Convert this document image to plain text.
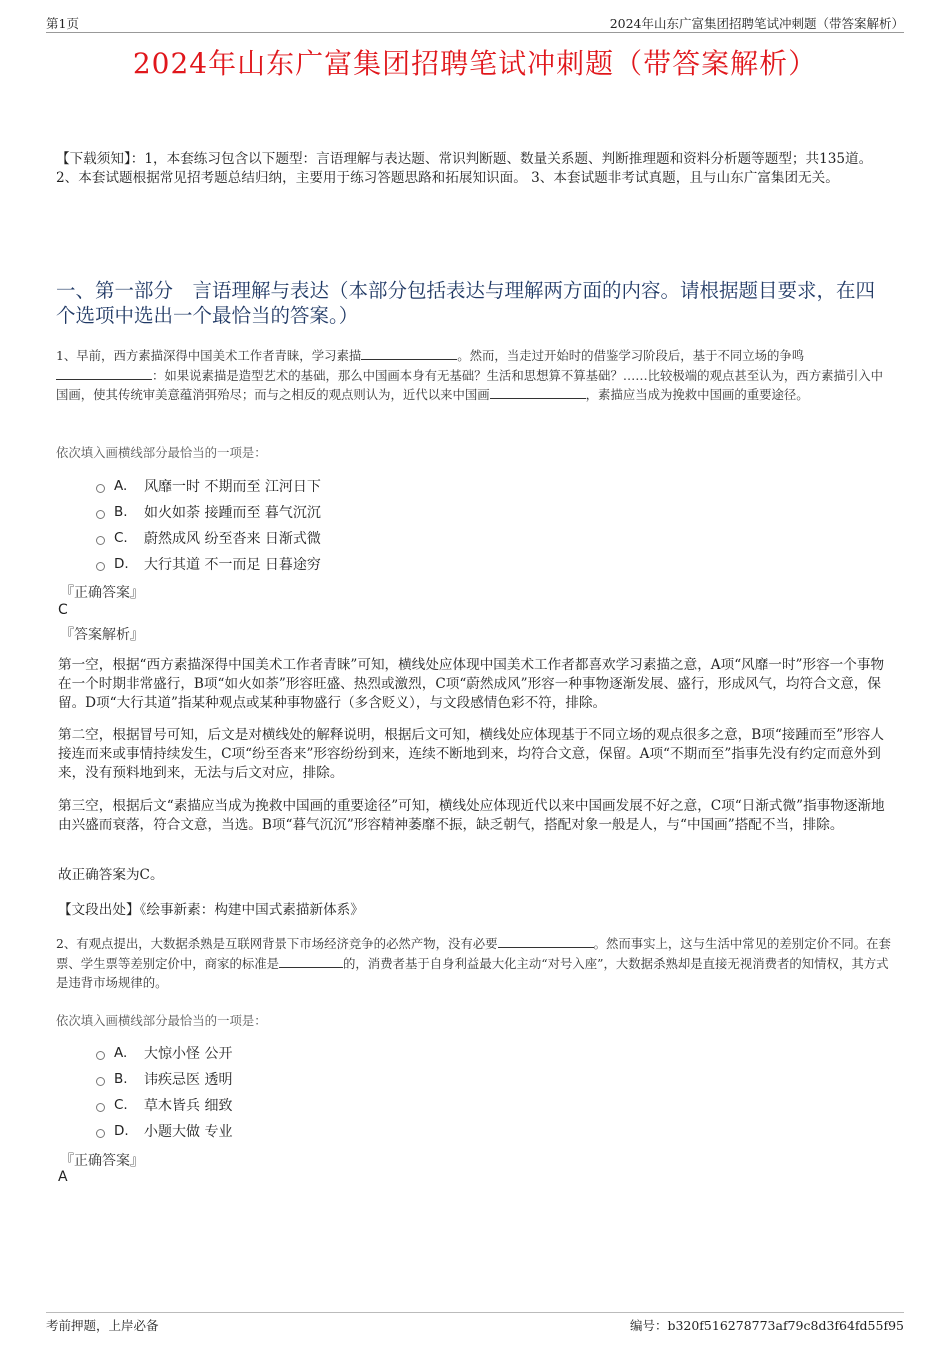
第1页	2024年山东广富集团招聘笔试冲刺题（带答案解析）
2024年山东广富集团招聘笔试冲刺题（带答案解析）
【下载须知】：1，本套练习包含以下题型：言语理解与表达题、常识判断题、数量关系题、判断推理题和资料分析题等题型；共135道。 2、本套试题根据常见招考题总结归纳，主要用于练习答题思路和拓展知识面。 3、本套试题非考试真题，且与山东广富集团无关。
一、第一部分　言语理解与表达（本部分包括表达与理解两方面的内容。请根据题目要求，在四个选项中选出一个最恰当的答案。）
1、早前，西方素描深得中国美术工作者青睐，学习素描	。然而，当走过开始时的借鉴学习阶段后，基于不同立场的争鸣：如果说素描是造型艺术的基础，那么中国画本身有无基础？生活和思想算不算基础？……比较极端的观点甚至认为，西方素描引入中国画，使其传统审美意蕴消弭殆尽；而与之相反的观点则认为，近代以来中国画	，素描应当成为挽救中国画的重要途径。
依次填入画横线部分最恰当的一项是：
A.	风靡一时 不期而至 江河日下
B.	如火如荼 接踵而至 暮气沉沉
C.	蔚然成风 纷至沓来 日渐式微
D.	大行其道 不一而足 日暮途穷
『正确答案』
C
『答案解析』
第一空，根据“西方素描深得中国美术工作者青睐”可知，横线处应体现中国美术工作者都喜欢学习素描之意，A项“风靡一时”形容一个事物在一个时期非常盛行，B项“如火如荼”形容旺盛、热烈或激烈，C项“蔚然成风”形容一种事物逐渐发展、盛行，形成风气，均符合文意，保留。D项“大行其道”指某种观点或某种事物盛行（多含贬义），与文段感情色彩不符，排除。
第二空，根据冒号可知，后文是对横线处的解释说明，根据后文可知，横线处应体现基于不同立场的观点很多之意，B项“接踵而至”形容人接连而来或事情持续发生，C项“纷至沓来”形容纷纷到来，连续不断地到来，均符合文意，保留。A项“不期而至”指事先没有约定而意外到来，没有预料地到来，无法与后文对应，排除。
第三空，根据后文“素描应当成为挽救中国画的重要途径”可知，横线处应体现近代以来中国画发展不好之意，C项“日渐式微”指事物逐渐地由兴盛而衰落，符合文意，当选。B项“暮气沉沉”形容精神萎靡不振，缺乏朝气，搭配对象一般是人，与“中国画”搭配不当，排除。
故正确答案为C。
【文段出处】《绘事新素：构建中国式素描新体系》
2、有观点提出，大数据杀熟是互联网背景下市场经济竞争的必然产物，没有必要	。然而事实上，这与生活中常见的差别定价不同。在套票、学生票等差别定价中，商家的标准是	的，消费者基于自身利益最大化主动“对号入座”，大数据杀熟却是直接无视消费者的知情权，其方式是违背市场规律的。
依次填入画横线部分最恰当的一项是：
A.	大惊小怪 公开
B.	讳疾忌医 透明
C.	草木皆兵 细致
D.	小题大做 专业
『正确答案』
A
考前押题，上岸必备	编号：b320f516278773af79c8d3f64fd55f95
